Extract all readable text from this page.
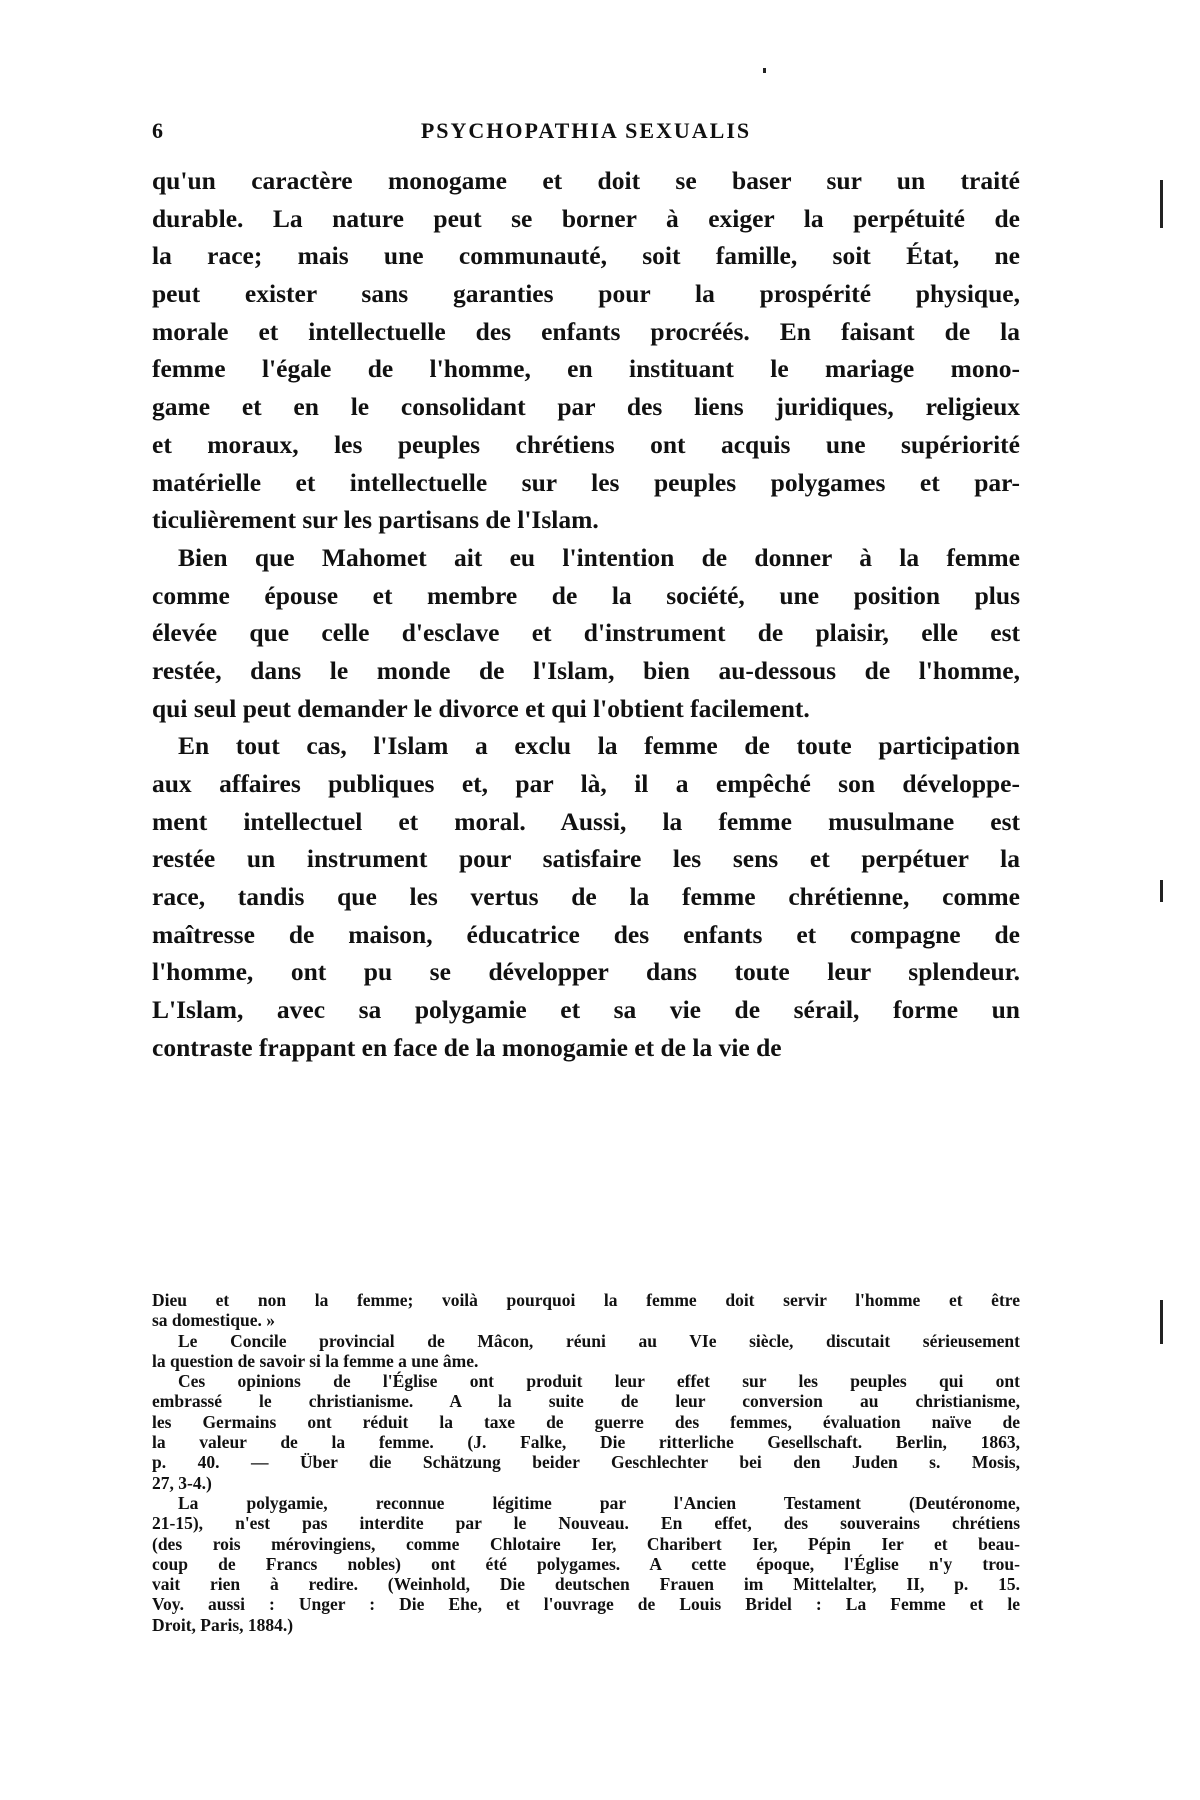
6	PSYCHOPATHIA SEXUALIS
qu'un caractère monogame et doit se baser sur un traité
durable. La nature peut se borner à exiger la perpétuité de
la race; mais une communauté, soit famille, soit État, ne
peut exister sans garanties pour la prospérité physique,
morale et intellectuelle des enfants procréés. En faisant de la
femme l'égale de l'homme, en instituant le mariage mono-
game et en le consolidant par des liens juridiques, religieux
et moraux, les peuples chrétiens ont acquis une supériorité
matérielle et intellectuelle sur les peuples polygames et par-
ticulièrement sur les partisans de l'Islam.
Bien que Mahomet ait eu l'intention de donner à la femme
comme épouse et membre de la société, une position plus
élevée que celle d'esclave et d'instrument de plaisir, elle est
restée, dans le monde de l'Islam, bien au-dessous de l'homme,
qui seul peut demander le divorce et qui l'obtient facilement.
En tout cas, l'Islam a exclu la femme de toute participation
aux affaires publiques et, par là, il a empêché son développe-
ment intellectuel et moral. Aussi, la femme musulmane est
restée un instrument pour satisfaire les sens et perpétuer la
race, tandis que les vertus de la femme chrétienne, comme
maîtresse de maison, éducatrice des enfants et compagne de
l'homme, ont pu se développer dans toute leur splendeur.
L'Islam, avec sa polygamie et sa vie de sérail, forme un
contraste frappant en face de la monogamie et de la vie de
Dieu et non la femme; voilà pourquoi la femme doit servir l'homme et être
sa domestique. »
Le Concile provincial de Mâcon, réuni au VIe siècle, discutait sérieusement
la question de savoir si la femme a une âme.
Ces opinions de l'Église ont produit leur effet sur les peuples qui ont
embrassé le christianisme. A la suite de leur conversion au christianisme,
les Germains ont réduit la taxe de guerre des femmes, évaluation naïve de
la valeur de la femme. (J. Falke, Die ritterliche Gesellschaft. Berlin, 1863,
p. 40. — Über die Schätzung beider Geschlechter bei den Juden s. Mosis,
27, 3-4.)
La polygamie, reconnue légitime par l'Ancien Testament (Deutéronome,
21-15), n'est pas interdite par le Nouveau. En effet, des souverains chrétiens
(des rois mérovingiens, comme Chlotaire Ier, Charibert Ier, Pépin Ier et beau-
coup de Francs nobles) ont été polygames. A cette époque, l'Église n'y trou-
vait rien à redire. (Weinhold, Die deutschen Frauen im Mittelalter, II, p. 15.
Voy. aussi : Unger : Die Ehe, et l'ouvrage de Louis Bridel : La Femme et le
Droit, Paris, 1884.)
